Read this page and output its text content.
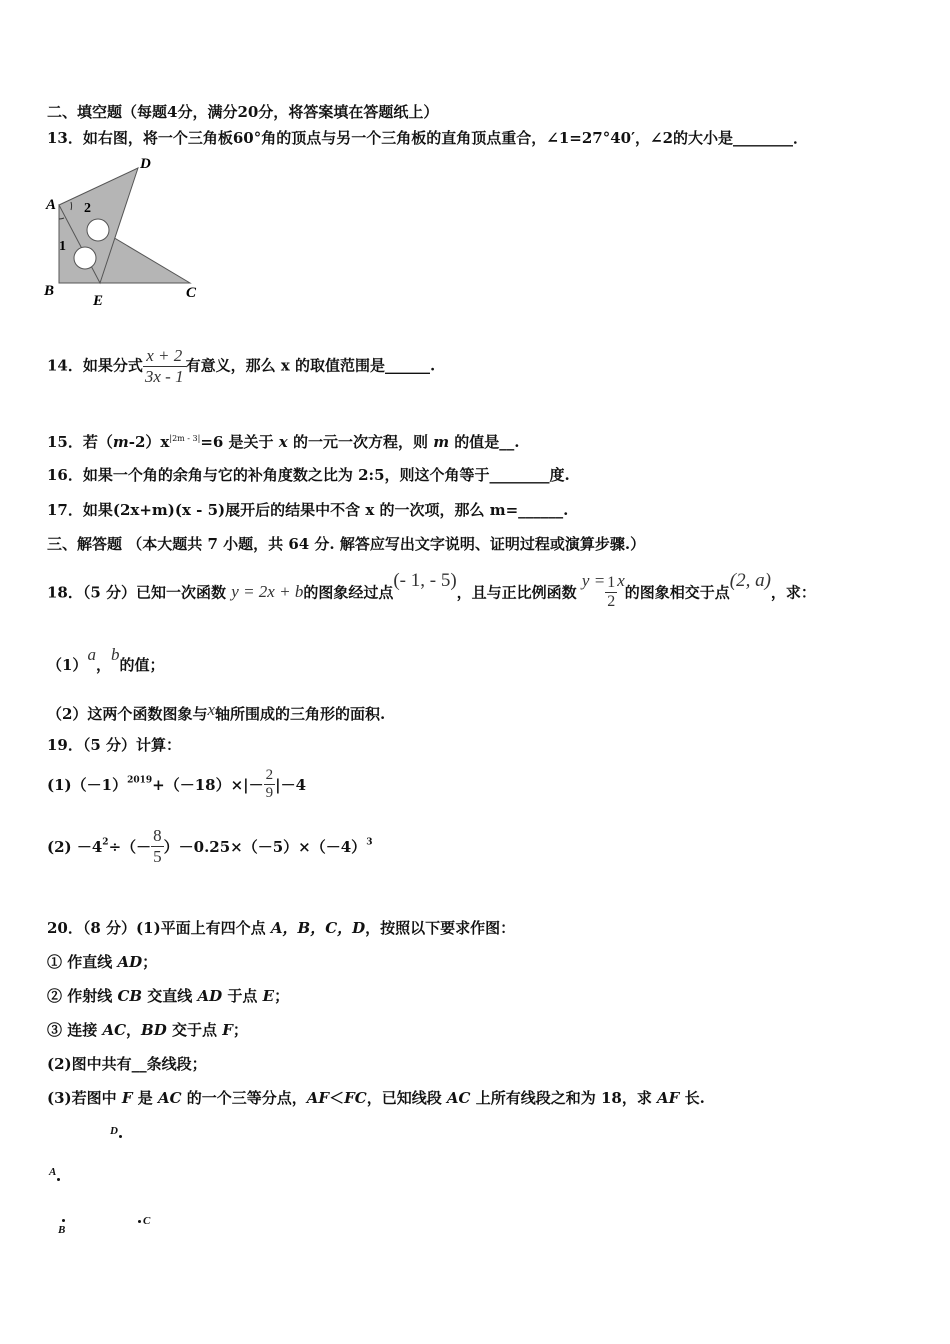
二、填空题（每题4分，满分20分，将答案填在答题纸上）
13．如右图，将一个三角板60°角的顶点与另一个三角板的直角顶点重合，∠1=27°40′，∠2的大小是________．
A
B	C
D
E
1
2
14．如果分式 $\frac{x + 2}{3x - 1}$ 有意义，那么 x 的取值范围是______.
15．若$(m-2)x^{|2m - 3|}=6$ 是关于 x 的一元一次方程，则 m 的值是__.
16．如果一个角的余角与它的补角度数之比为 2:5，则这个角等于________度.
17．如果(2x+m)(x - 5)展开后的结果中不含 x 的一次项，那么 m=______.
三、解答题 （本大题共 7 小题，共 64 分. 解答应写出文字说明、证明过程或演算步骤.）
18．（5 分）已知一次函数 y = 2x + b的图象经过点(- 1, - 5)，且与正比例函数 $y = \frac{1}{2}$ x的图象相交于点(2, a)，求：
（1）a，b的值；
（2）这两个函数图象与x轴所围成的三角形的面积.
19．（5 分）计算：
$(1)(-1)^{2019}+(-18)\times|- \frac{2}{9} |-4$
$(2) -4^2\div(- \frac{8}{5} )-0.25\times(-5)\times(-4)^3$
20．（8 分）(1)平面上有四个点 A，B，C，D，按照以下要求作图：
① 作直线 AD；
② 作射线 CB 交直线 AD 于点 E；
③ 连接 AC，BD 交于点 F；
(2)图中共有__条线段；
(3)若图中 F 是 AC 的一个三等分点，AF＜FC，已知线段 AC 上所有线段之和为 18，求 AF 长.
D
A
B
C
